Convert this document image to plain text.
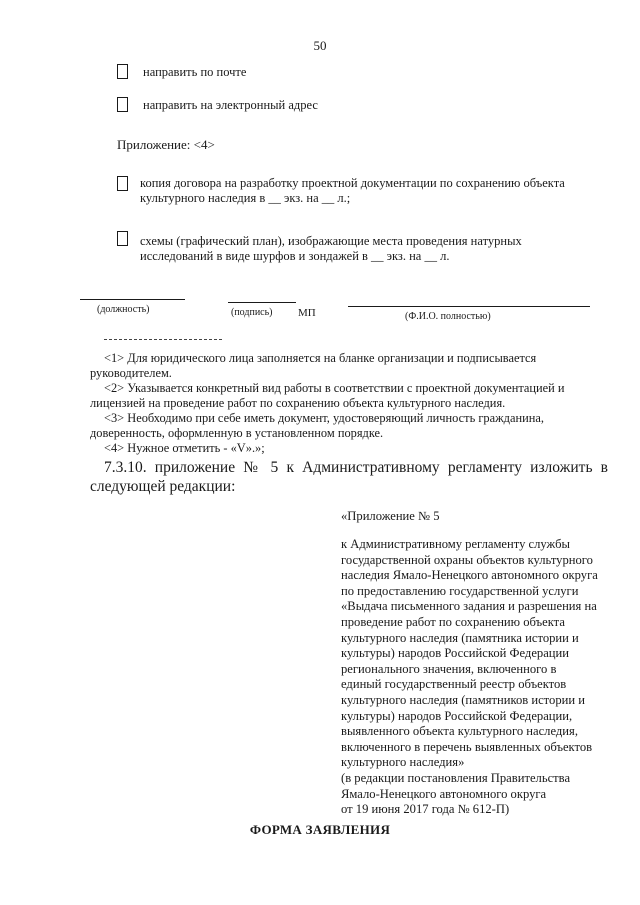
50
направить по почте
направить на электронный адрес
Приложение: <4>
копия договора на разработку проектной документации по сохранению объекта
культурного наследия в __ экз. на __ л.;
схемы (графический план), изображающие места проведения натурных
исследований в виде шурфов и зондажей в __ экз. на __ л.
(должность)	(подпись) МП	(Ф.И.О. полностью)
<1> Для юридического лица заполняется на бланке организации и подписывается
руководителем.
<2> Указывается конкретный вид работы в соответствии с проектной документацией и
лицензией на проведение работ по сохранению объекта культурного наследия.
<3> Необходимо при себе иметь документ, удостоверяющий личность гражданина,
доверенность, оформленную в установленном порядке.
<4> Нужное отметить - «V».»;
7.3.10. приложение № 5 к Административному регламенту изложить в
следующей редакции:
«Приложение № 5
к Административному регламенту службы
государственной охраны объектов культурного
наследия Ямало-Ненецкого автономного округа
по предоставлению государственной услуги
«Выдача письменного задания и разрешения на
проведение работ по сохранению объекта
культурного наследия (памятника истории и
культуры) народов Российской Федерации
регионального значения, включенного в
единый государственный реестр объектов
культурного наследия (памятников истории и
культуры) народов Российской Федерации,
выявленного объекта культурного наследия,
включенного в перечень выявленных объектов
культурного наследия»
(в редакции постановления Правительства
Ямало-Ненецкого автономного округа
от 19 июня 2017 года № 612-П)
ФОРМА ЗАЯВЛЕНИЯ
